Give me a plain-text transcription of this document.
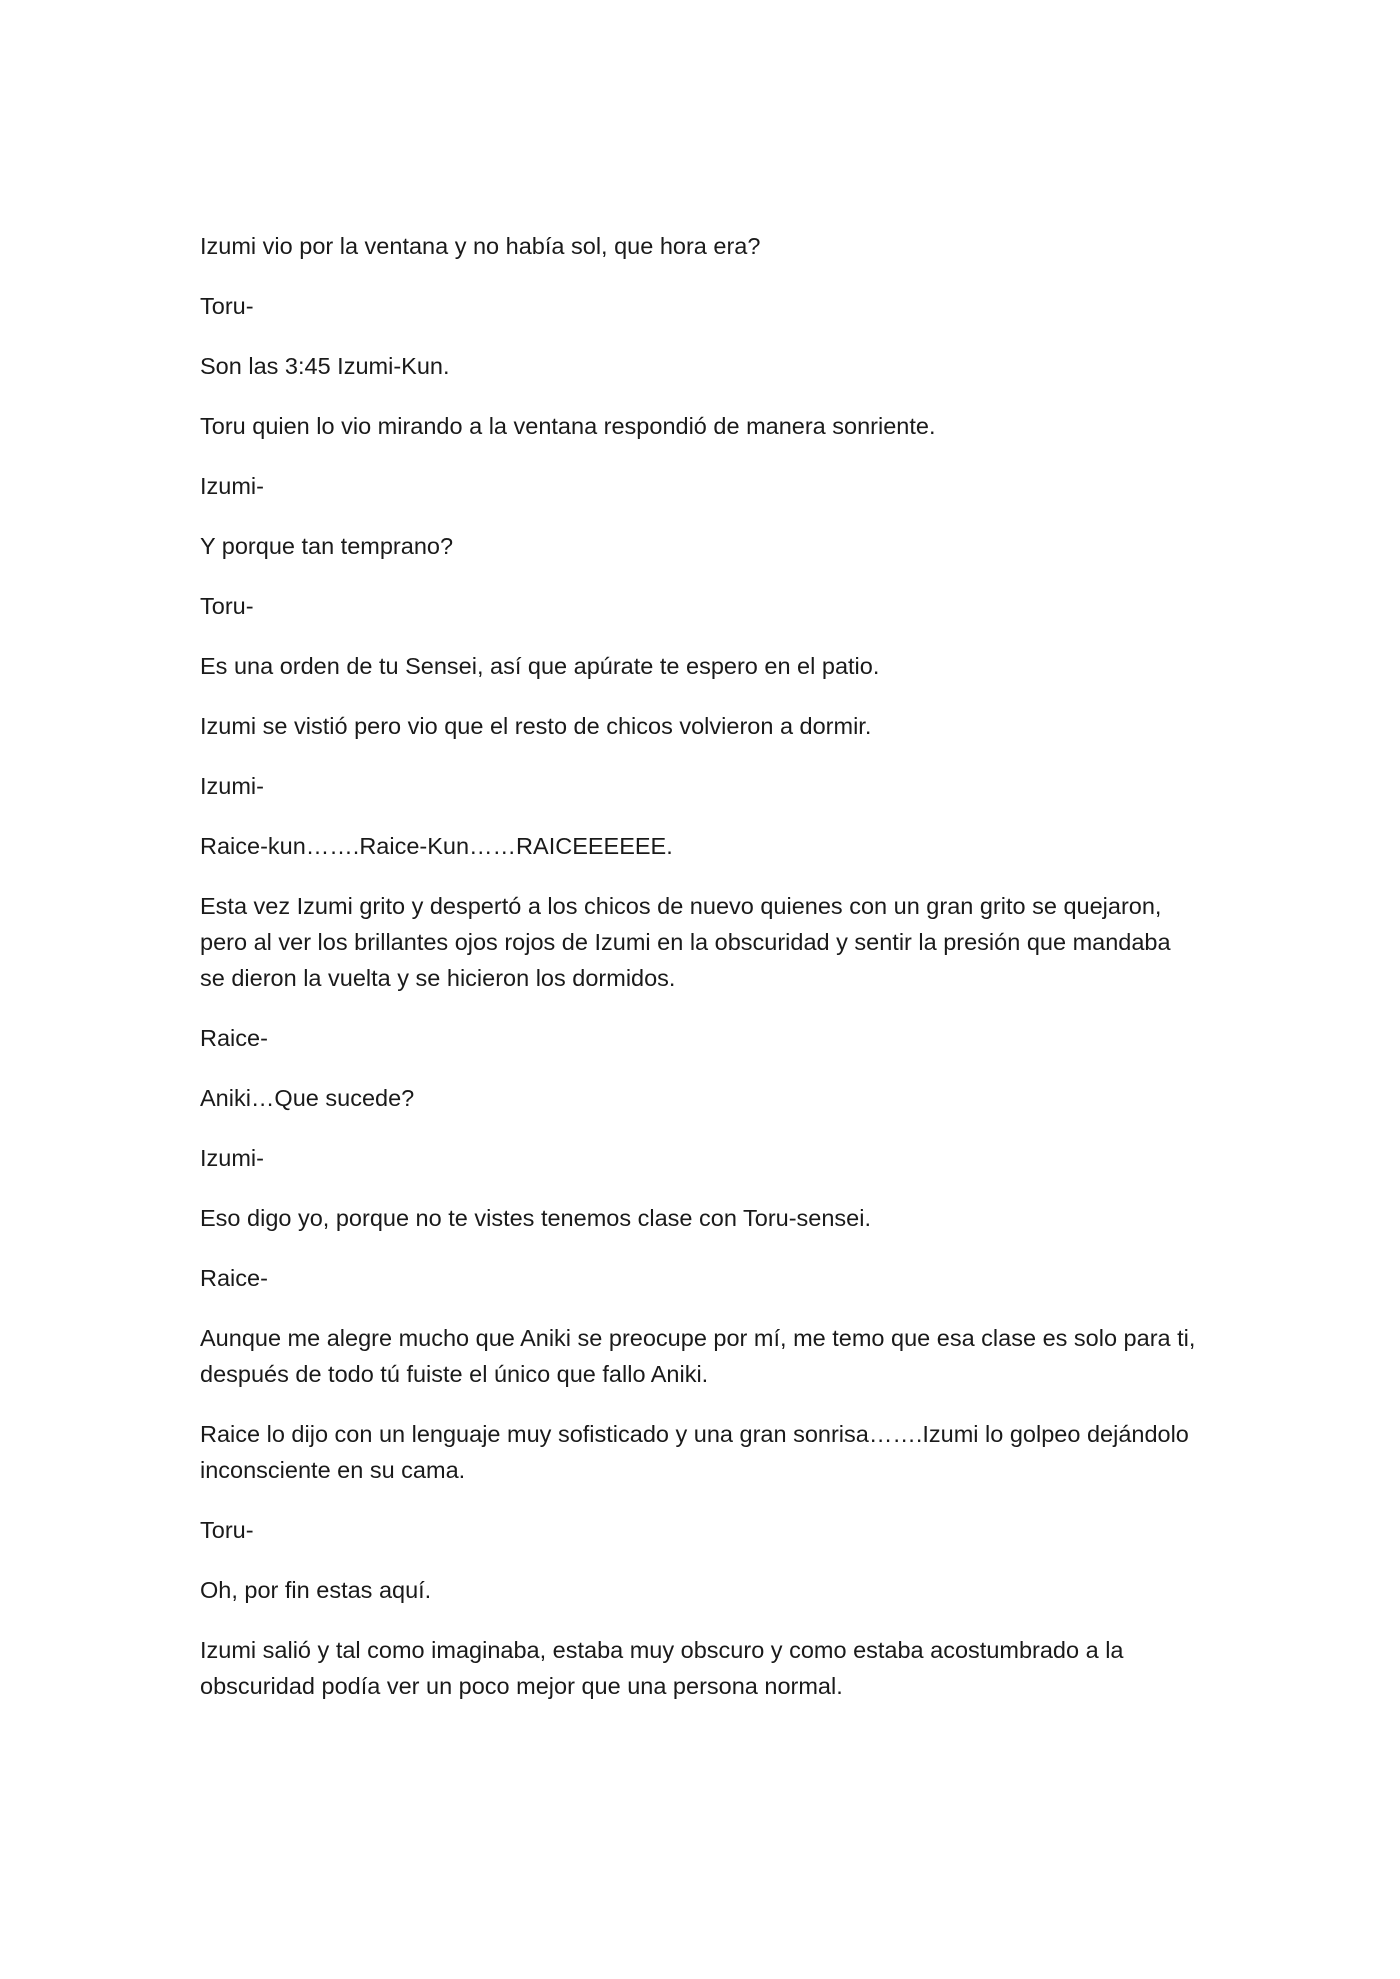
Izumi vio por la ventana y no había sol, que hora era?

Toru-

Son las 3:45 Izumi-Kun.

Toru quien lo vio mirando a la ventana respondió de manera sonriente.

Izumi-

Y porque tan temprano?

Toru-

Es una orden de tu Sensei, así que apúrate te espero en el patio.

Izumi se vistió pero vio que el resto de chicos volvieron a dormir.

Izumi-

Raice-kun…….Raice-Kun……RAICEEEEEE.

Esta vez Izumi grito y despertó a los chicos de nuevo quienes con un gran grito se quejaron, pero al ver los brillantes ojos rojos de Izumi en la obscuridad y sentir la presión que mandaba se dieron la vuelta y se hicieron los dormidos.

Raice-

Aniki…Que sucede?

Izumi-

Eso digo yo, porque no te vistes tenemos clase con Toru-sensei.

Raice-

Aunque me alegre mucho que Aniki se preocupe por mí, me temo que esa clase es solo para ti, después de todo tú fuiste el único que fallo Aniki.

Raice lo dijo con un lenguaje muy sofisticado y una gran sonrisa…….Izumi lo golpeo dejándolo inconsciente en su cama.

Toru-

Oh, por fin estas aquí.

Izumi salió y tal como imaginaba, estaba muy obscuro y como estaba acostumbrado a la obscuridad podía ver un poco mejor que una persona normal.
